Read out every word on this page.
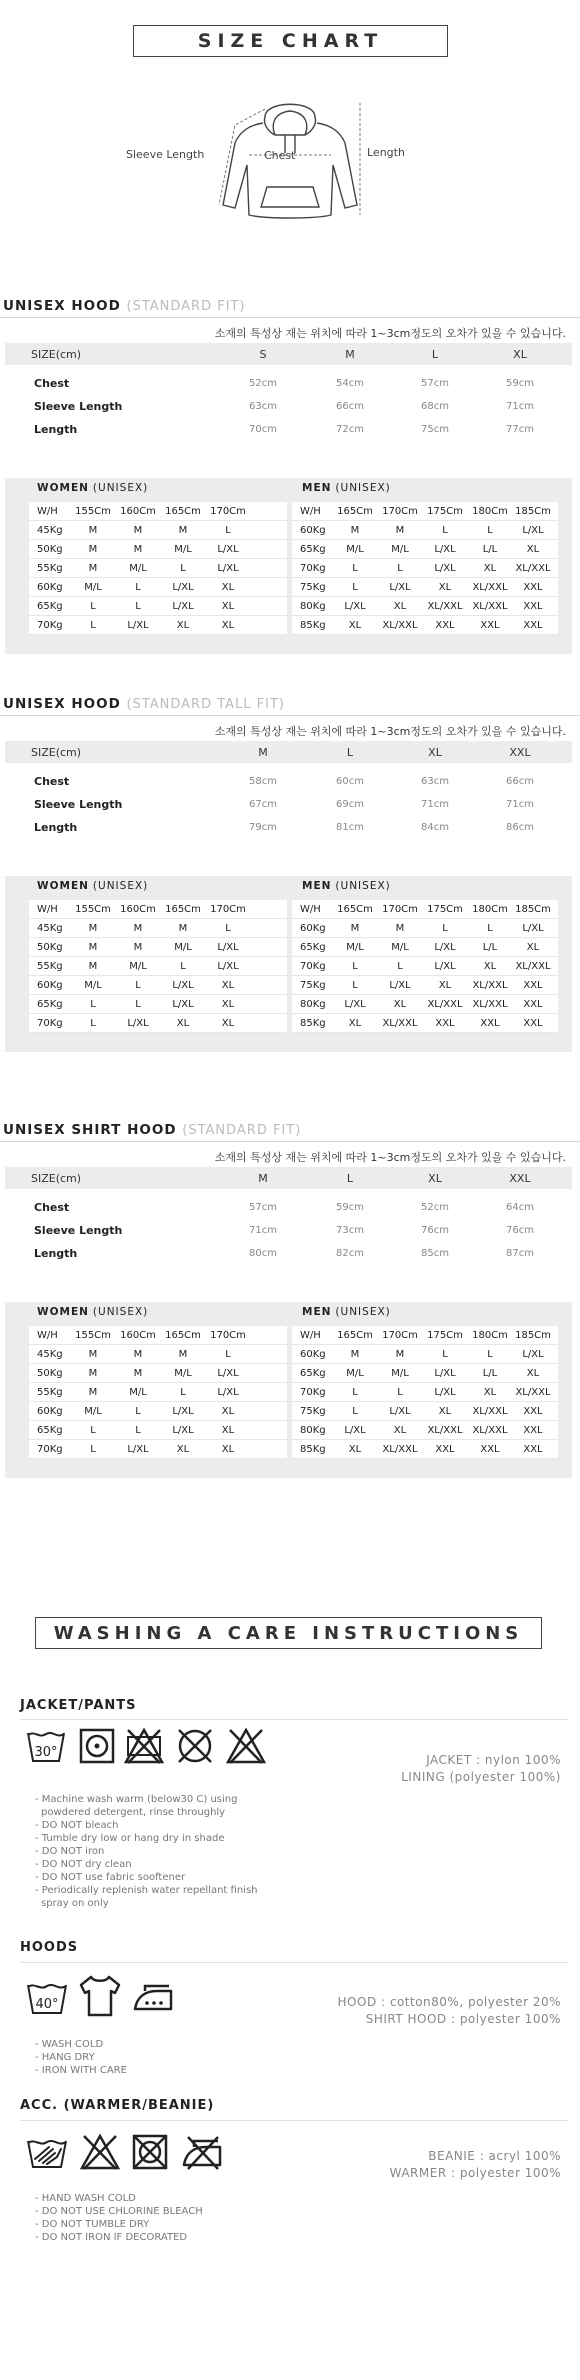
SIZE CHART
Sleeve Length	Chest	Length
UNISEX HOOD (STANDARD FIT)
소재의 특성상 재는 위치에 따라 1~3cm정도의 오차가 있을 수 있습니다.
SIZE(cm)	S	M	L	XL
Chest	52cm	54cm	57cm	59cm
Sleeve Length	63cm	66cm	68cm	71cm
Length	70cm	72cm	75cm	77cm
WOMEN (UNISEX)	MEN (UNISEX)
W/H	155Cm 160Cm 165Cm 170Cm
45Kg	M	M	M	L
50Kg	M	M	M/L	L/XL
55Kg	M	M/L	L	L/XL
60Kg	M/L	L	L/XL	XL
65Kg	L	L	L/XL	XL
70Kg	L	L/XL	XL	XL
W/H	165Cm 170Cm 175Cm 180Cm 185Cm
60Kg	M	M	L	L	L/XL
65Kg	M/L	M/L	L/XL	L/L	XL
70Kg	L	L	L/XL	XL	XL/XXL
75Kg	L	L/XL	XL	XL/XXL	XXL
80Kg	L/XL	XL	XL/XXL XL/XXL	XXL
85Kg	XL	XL/XXL	XXL	XXL	XXL
UNISEX HOOD (STANDARD TALL FIT)
소재의 특성상 재는 위치에 따라 1~3cm정도의 오차가 있을 수 있습니다.
SIZE(cm)	M	L	XL	XXL
Chest	58cm	60cm	63cm	66cm
Sleeve Length	67cm	69cm	71cm	71cm
Length	79cm	81cm	84cm	86cm
WOMEN (UNISEX)	MEN (UNISEX)
W/H	155Cm 160Cm 165Cm 170Cm
45Kg	M	M	M	L
50Kg	M	M	M/L	L/XL
55Kg	M	M/L	L	L/XL
60Kg	M/L	L	L/XL	XL
65Kg	L	L	L/XL	XL
70Kg	L	L/XL	XL	XL
W/H	165Cm 170Cm 175Cm 180Cm 185Cm
60Kg	M	M	L	L	L/XL
65Kg	M/L	M/L	L/XL	L/L	XL
70Kg	L	L	L/XL	XL	XL/XXL
75Kg	L	L/XL	XL	XL/XXL	XXL
80Kg	L/XL	XL	XL/XXL XL/XXL	XXL
85Kg	XL	XL/XXL	XXL	XXL	XXL
UNISEX SHIRT HOOD (STANDARD FIT)
소재의 특성상 재는 위치에 따라 1~3cm정도의 오차가 있을 수 있습니다.
SIZE(cm)	M	L	XL	XXL
Chest	57cm	59cm	52cm	64cm
Sleeve Length	71cm	73cm	76cm	76cm
Length	80cm	82cm	85cm	87cm
WOMEN (UNISEX)	MEN (UNISEX)
W/H	155Cm 160Cm 165Cm 170Cm
45Kg	M	M	M	L
50Kg	M	M	M/L	L/XL
55Kg	M	M/L	L	L/XL
60Kg	M/L	L	L/XL	XL
65Kg	L	L	L/XL	XL
70Kg	L	L/XL	XL	XL
W/H	165Cm 170Cm 175Cm 180Cm 185Cm
60Kg	M	M	L	L	L/XL
65Kg	M/L	M/L	L/XL	L/L	XL
70Kg	L	L	L/XL	XL	XL/XXL
75Kg	L	L/XL	XL	XL/XXL	XXL
80Kg	L/XL	XL	XL/XXL XL/XXL	XXL
85Kg	XL	XL/XXL	XXL	XXL	XXL
WASHING A CARE INSTRUCTIONS
JACKET/PANTS
30°	JACKET : nylon 100%
LINING (polyester 100%)
- Machine wash warm (below30 C) using
powdered detergent, rinse throughly
- DO NOT bleach
- Tumble dry low or hang dry in shade
- DO NOT iron
- DO NOT dry clean
- DO NOT use fabric sooftener
- Periodically replenish water repellant finish
spray on only
HOODS
40°	HOOD : cotton80%, polyester 20%
SHIRT HOOD : polyester 100%
- WASH COLD
- HANG DRY
- IRON WITH CARE
ACC. (WARMER/BEANIE)
BEANIE : acryl 100%
WARMER : polyester 100%
- HAND WASH COLD
- DO NOT USE CHLORINE BLEACH
- DO NOT TUMBLE DRY
- DO NOT IRON IF DECORATED
